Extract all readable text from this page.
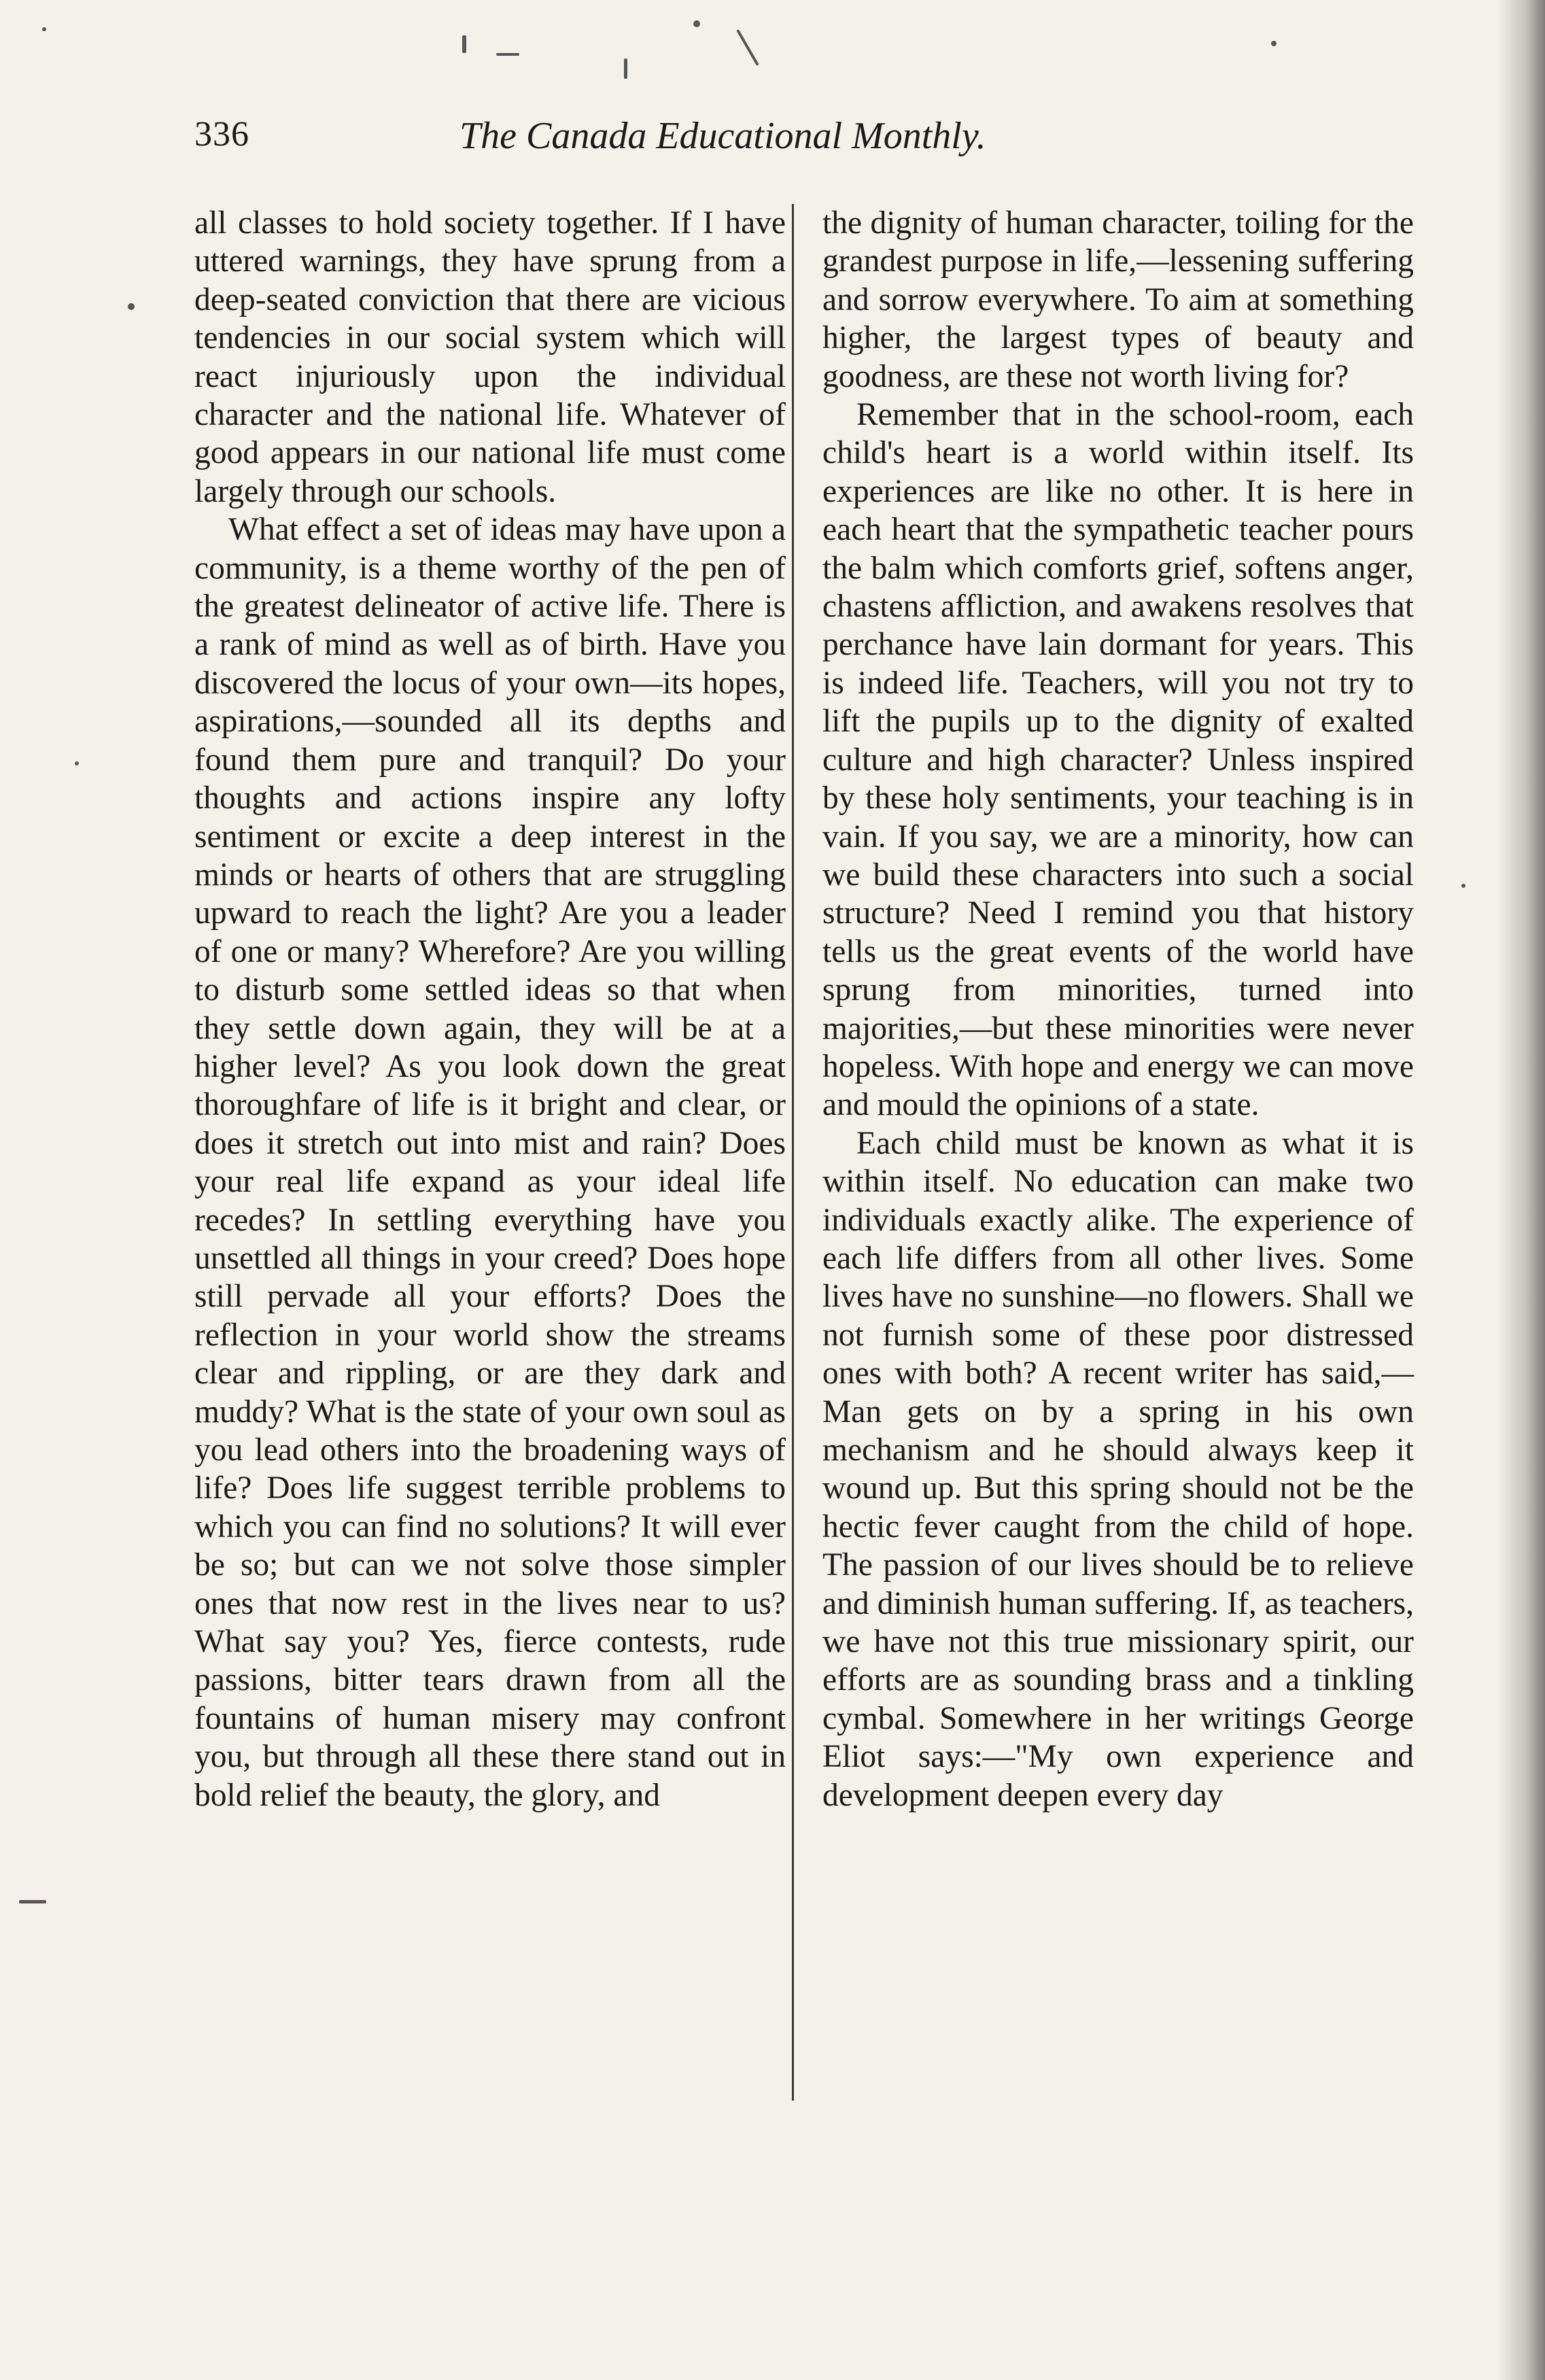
336	The Canada Educational Monthly.

all classes to hold society together. If I have uttered warnings, they have sprung from a deep-seated conviction that there are vicious tendencies in our social system which will react injuriously upon the individual character and the national life. Whatever of good appears in our national life must come largely through our schools.

What effect a set of ideas may have upon a community, is a theme worthy of the pen of the greatest delineator of active life. There is a rank of mind as well as of birth. Have you discovered the locus of your own—its hopes, aspirations,—sounded all its depths and found them pure and tranquil? Do your thoughts and actions inspire any lofty sentiment or excite a deep interest in the minds or hearts of others that are struggling upward to reach the light? Are you a leader of one or many? Wherefore? Are you willing to disturb some settled ideas so that when they settle down again, they will be at a higher level? As you look down the great thoroughfare of life is it bright and clear, or does it stretch out into mist and rain? Does your real life expand as your ideal life recedes? In settling everything have you unsettled all things in your creed? Does hope still pervade all your efforts? Does the reflection in your world show the streams clear and rippling, or are they dark and muddy? What is the state of your own soul as you lead others into the broadening ways of life? Does life suggest terrible problems to which you can find no solutions? It will ever be so; but can we not solve those simpler ones that now rest in the lives near to us? What say you? Yes, fierce contests, rude passions, bitter tears drawn from all the fountains of human misery may confront you, but through all these there stand out in bold relief the beauty, the glory, and

the dignity of human character, toiling for the grandest purpose in life,—lessening suffering and sorrow everywhere. To aim at something higher, the largest types of beauty and goodness, are these not worth living for?

Remember that in the school-room, each child's heart is a world within itself. Its experiences are like no other. It is here in each heart that the sympathetic teacher pours the balm which comforts grief, softens anger, chastens affliction, and awakens resolves that perchance have lain dormant for years. This is indeed life. Teachers, will you not try to lift the pupils up to the dignity of exalted culture and high character? Unless inspired by these holy sentiments, your teaching is in vain. If you say, we are a minority, how can we build these characters into such a social structure? Need I remind you that history tells us the great events of the world have sprung from minorities, turned into majorities,—but these minorities were never hopeless. With hope and energy we can move and mould the opinions of a state.

Each child must be known as what it is within itself. No education can make two individuals exactly alike. The experience of each life differs from all other lives. Some lives have no sunshine—no flowers. Shall we not furnish some of these poor distressed ones with both? A recent writer has said,—Man gets on by a spring in his own mechanism and he should always keep it wound up. But this spring should not be the hectic fever caught from the child of hope. The passion of our lives should be to relieve and diminish human suffering. If, as teachers, we have not this true missionary spirit, our efforts are as sounding brass and a tinkling cymbal. Somewhere in her writings George Eliot says:—"My own experience and development deepen every day
